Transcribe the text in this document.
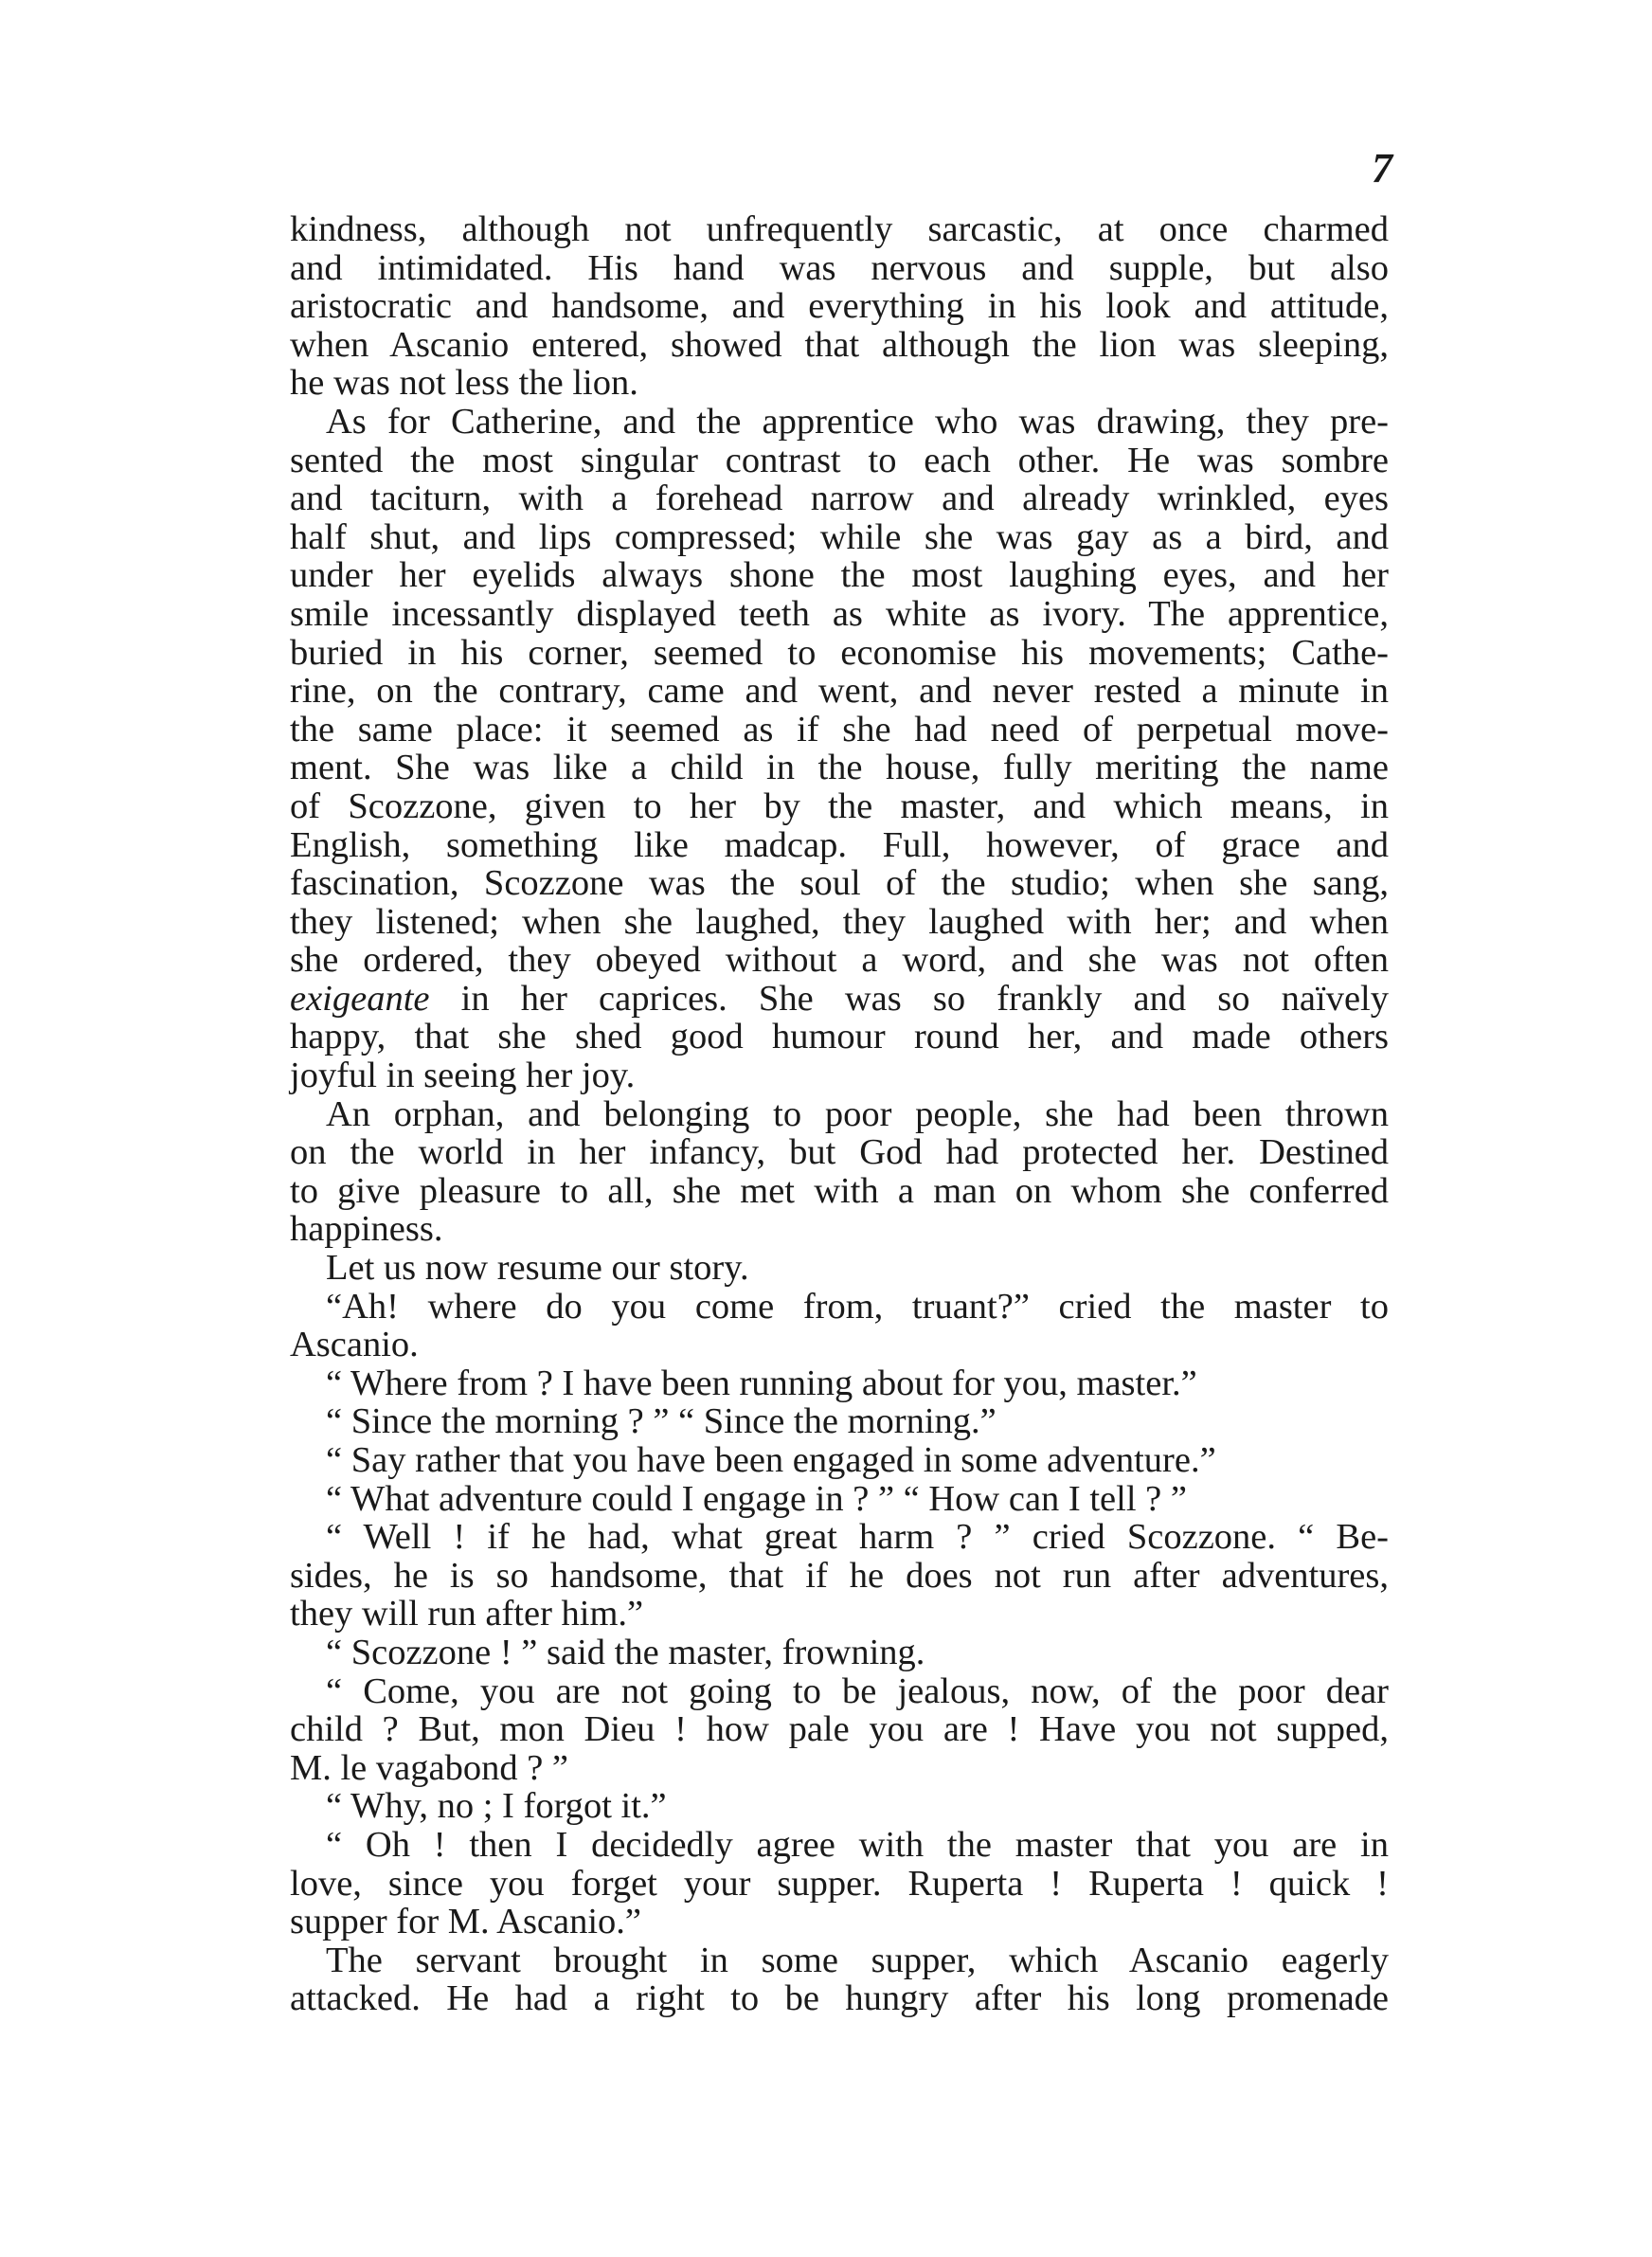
7
kindness, although not unfrequently sarcastic, at once charmed
and intimidated. His hand was nervous and supple, but also
aristocratic and handsome, and everything in his look and attitude,
when Ascanio entered, showed that although the lion was sleeping,
he was not less the lion.
As for Catherine, and the apprentice who was drawing, they pre-
sented the most singular contrast to each other. He was sombre
and taciturn, with a forehead narrow and already wrinkled, eyes
half shut, and lips compressed; while she was gay as a bird, and
under her eyelids always shone the most laughing eyes, and her
smile incessantly displayed teeth as white as ivory. The apprentice,
buried in his corner, seemed to economise his movements; Cathe-
rine, on the contrary, came and went, and never rested a minute in
the same place: it seemed as if she had need of perpetual move-
ment. She was like a child in the house, fully meriting the name
of Scozzone, given to her by the master, and which means, in
English, something like madcap. Full, however, of grace and
fascination, Scozzone was the soul of the studio; when she sang,
they listened; when she laughed, they laughed with her; and when
she ordered, they obeyed without a word, and she was not often
exigeante in her caprices. She was so frankly and so naïvely
happy, that she shed good humour round her, and made others
joyful in seeing her joy.
An orphan, and belonging to poor people, she had been thrown
on the world in her infancy, but God had protected her. Destined
to give pleasure to all, she met with a man on whom she conferred
happiness.
Let us now resume our story.
“Ah! where do you come from, truant?” cried the master to
Ascanio.
“ Where from ? I have been running about for you, master.”
“ Since the morning ? ” “ Since the morning.”
“ Say rather that you have been engaged in some adventure.”
“ What adventure could I engage in ? ” “ How can I tell ? ”
“ Well ! if he had, what great harm ? ” cried Scozzone. “ Be-
sides, he is so handsome, that if he does not run after adventures,
they will run after him.”
“ Scozzone ! ” said the master, frowning.
“ Come, you are not going to be jealous, now, of the poor dear
child ? But, mon Dieu ! how pale you are ! Have you not supped,
M. le vagabond ? ”
“ Why, no ; I forgot it.”
“ Oh ! then I decidedly agree with the master that you are in
love, since you forget your supper. Ruperta ! Ruperta ! quick !
supper for M. Ascanio.”
The servant brought in some supper, which Ascanio eagerly
attacked. He had a right to be hungry after his long promenade
